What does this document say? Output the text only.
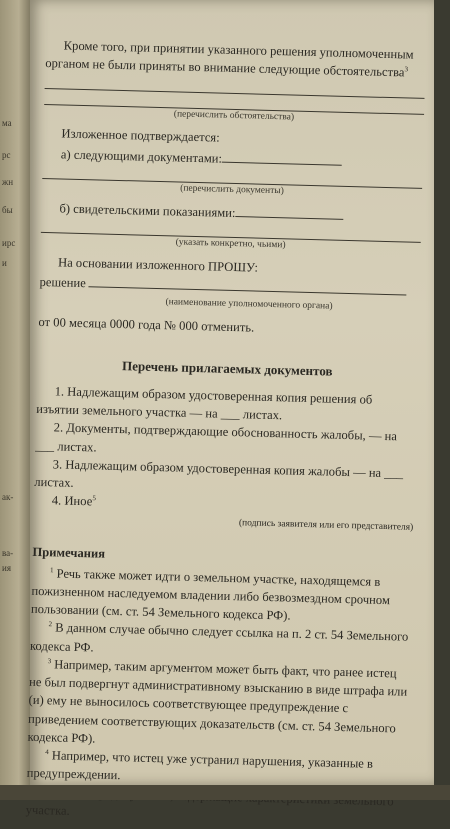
ма
рс
жн
бы
ирс
и
ак-
ва-
ия

Кроме того, при принятии указанного решения уполномоченным органом не были приняты во внимание следующие обстоятельства$^3$

(перечислить обстоятельства)

Изложенное подтверждается:

а) следующими документами:

(перечислить документы)

б) свидетельскими показаниями:

(указать конкретно, чьими)

На основании изложенного ПРОШУ:

решение

(наименование уполномоченного органа)

от 00 месяца 0000 года № 000 отменить.

Перечень прилагаемых документов

1. Надлежащим образом удостоверенная копия решения об изъятии земельного участка — на ___ листах.

2. Документы, подтверждающие обоснованность жалобы, — на ___ листах.

3. Надлежащим образом удостоверенная копия жалобы — на ___ листах.

4. Иное$^5$

(подпись заявителя или его представителя)
Примечания

$^1$ Речь также может идти о земельном участке, находящемся в пожизненном наследуемом владении либо безвозмездном срочном пользовании (см. ст. 54 Земельного кодекса РФ).

$^2$ В данном случае обычно следует ссылка на п. 2 ст. 54 Земельного кодекса РФ.

$^3$ Например, таким аргументом может быть факт, что ранее истец не был подвергнут административному взысканию в виде штрафа или (и) ему не выносилось соответствующее предупреждение с приведением соответствующих доказательств (см. ст. 54 Земельного кодекса РФ).

$^4$ Например, что истец уже устранил нарушения, указанные в предупреждении.

земельного участка.
